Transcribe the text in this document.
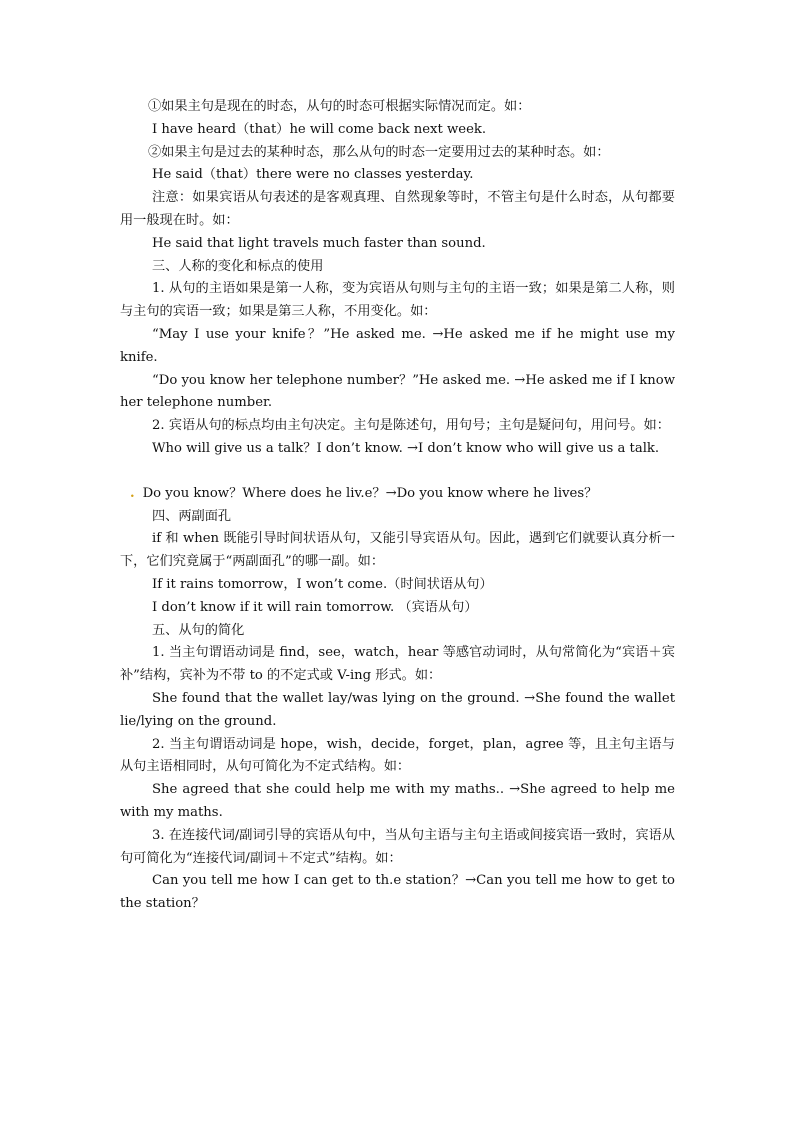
①如果主句是现在的时态，从句的时态可根据实际情况而定。如：

I have heard（that）he will come back next week.

②如果主句是过去的某种时态，那么从句的时态一定要用过去的某种时态。如：

He said（that）there were no classes yesterday.

注意：如果宾语从句表述的是客观真理、自然现象等时，不管主句是什么时态，从句都要用一般现在时。如：

He said that light travels much faster than sound.

三、人称的变化和标点的使用

1. 从句的主语如果是第一人称，变为宾语从句则与主句的主语一致；如果是第二人称，则与主句的宾语一致；如果是第三人称，不用变化。如：

“May I use your knife？”He asked me. →He asked me if he might use my knife.

“Do you know her telephone number？”He asked me. →He asked me if I know her telephone number.

2. 宾语从句的标点均由主句决定。主句是陈述句，用句号；主句是疑问句，用问号。如：

Who will give us a talk？I don’t know. →I don’t know who will give us a talk.

. Do you know？Where does he liv.e？→Do you know where he lives？

四、两副面孔

if 和 when 既能引导时间状语从句，又能引导宾语从句。因此，遇到它们就要认真分析一下，它们究竟属于“两副面孔”的哪一副。如：

If it rains tomorrow，I won’t come.（时间状语从句）

I don’t know if it will rain tomorrow. （宾语从句）

五、从句的简化

1. 当主句谓语动词是 find，see，watch，hear 等感官动词时，从句常简化为“宾语＋宾补”结构，宾补为不带 to 的不定式或 V-ing 形式。如：

She found that the wallet lay/was lying on the ground. →She found the wallet lie/lying on the ground.

2. 当主句谓语动词是 hope，wish，decide，forget，plan，agree 等，且主句主语与从句主语相同时，从句可简化为不定式结构。如：

She agreed that she could help me with my maths.. →She agreed to help me with my maths.

3. 在连接代词/副词引导的宾语从句中，当从句主语与主句主语或间接宾语一致时，宾语从句可简化为“连接代词/副词＋不定式”结构。如：

Can you tell me how I can get to th.e station？→Can you tell me how to get to the station？
